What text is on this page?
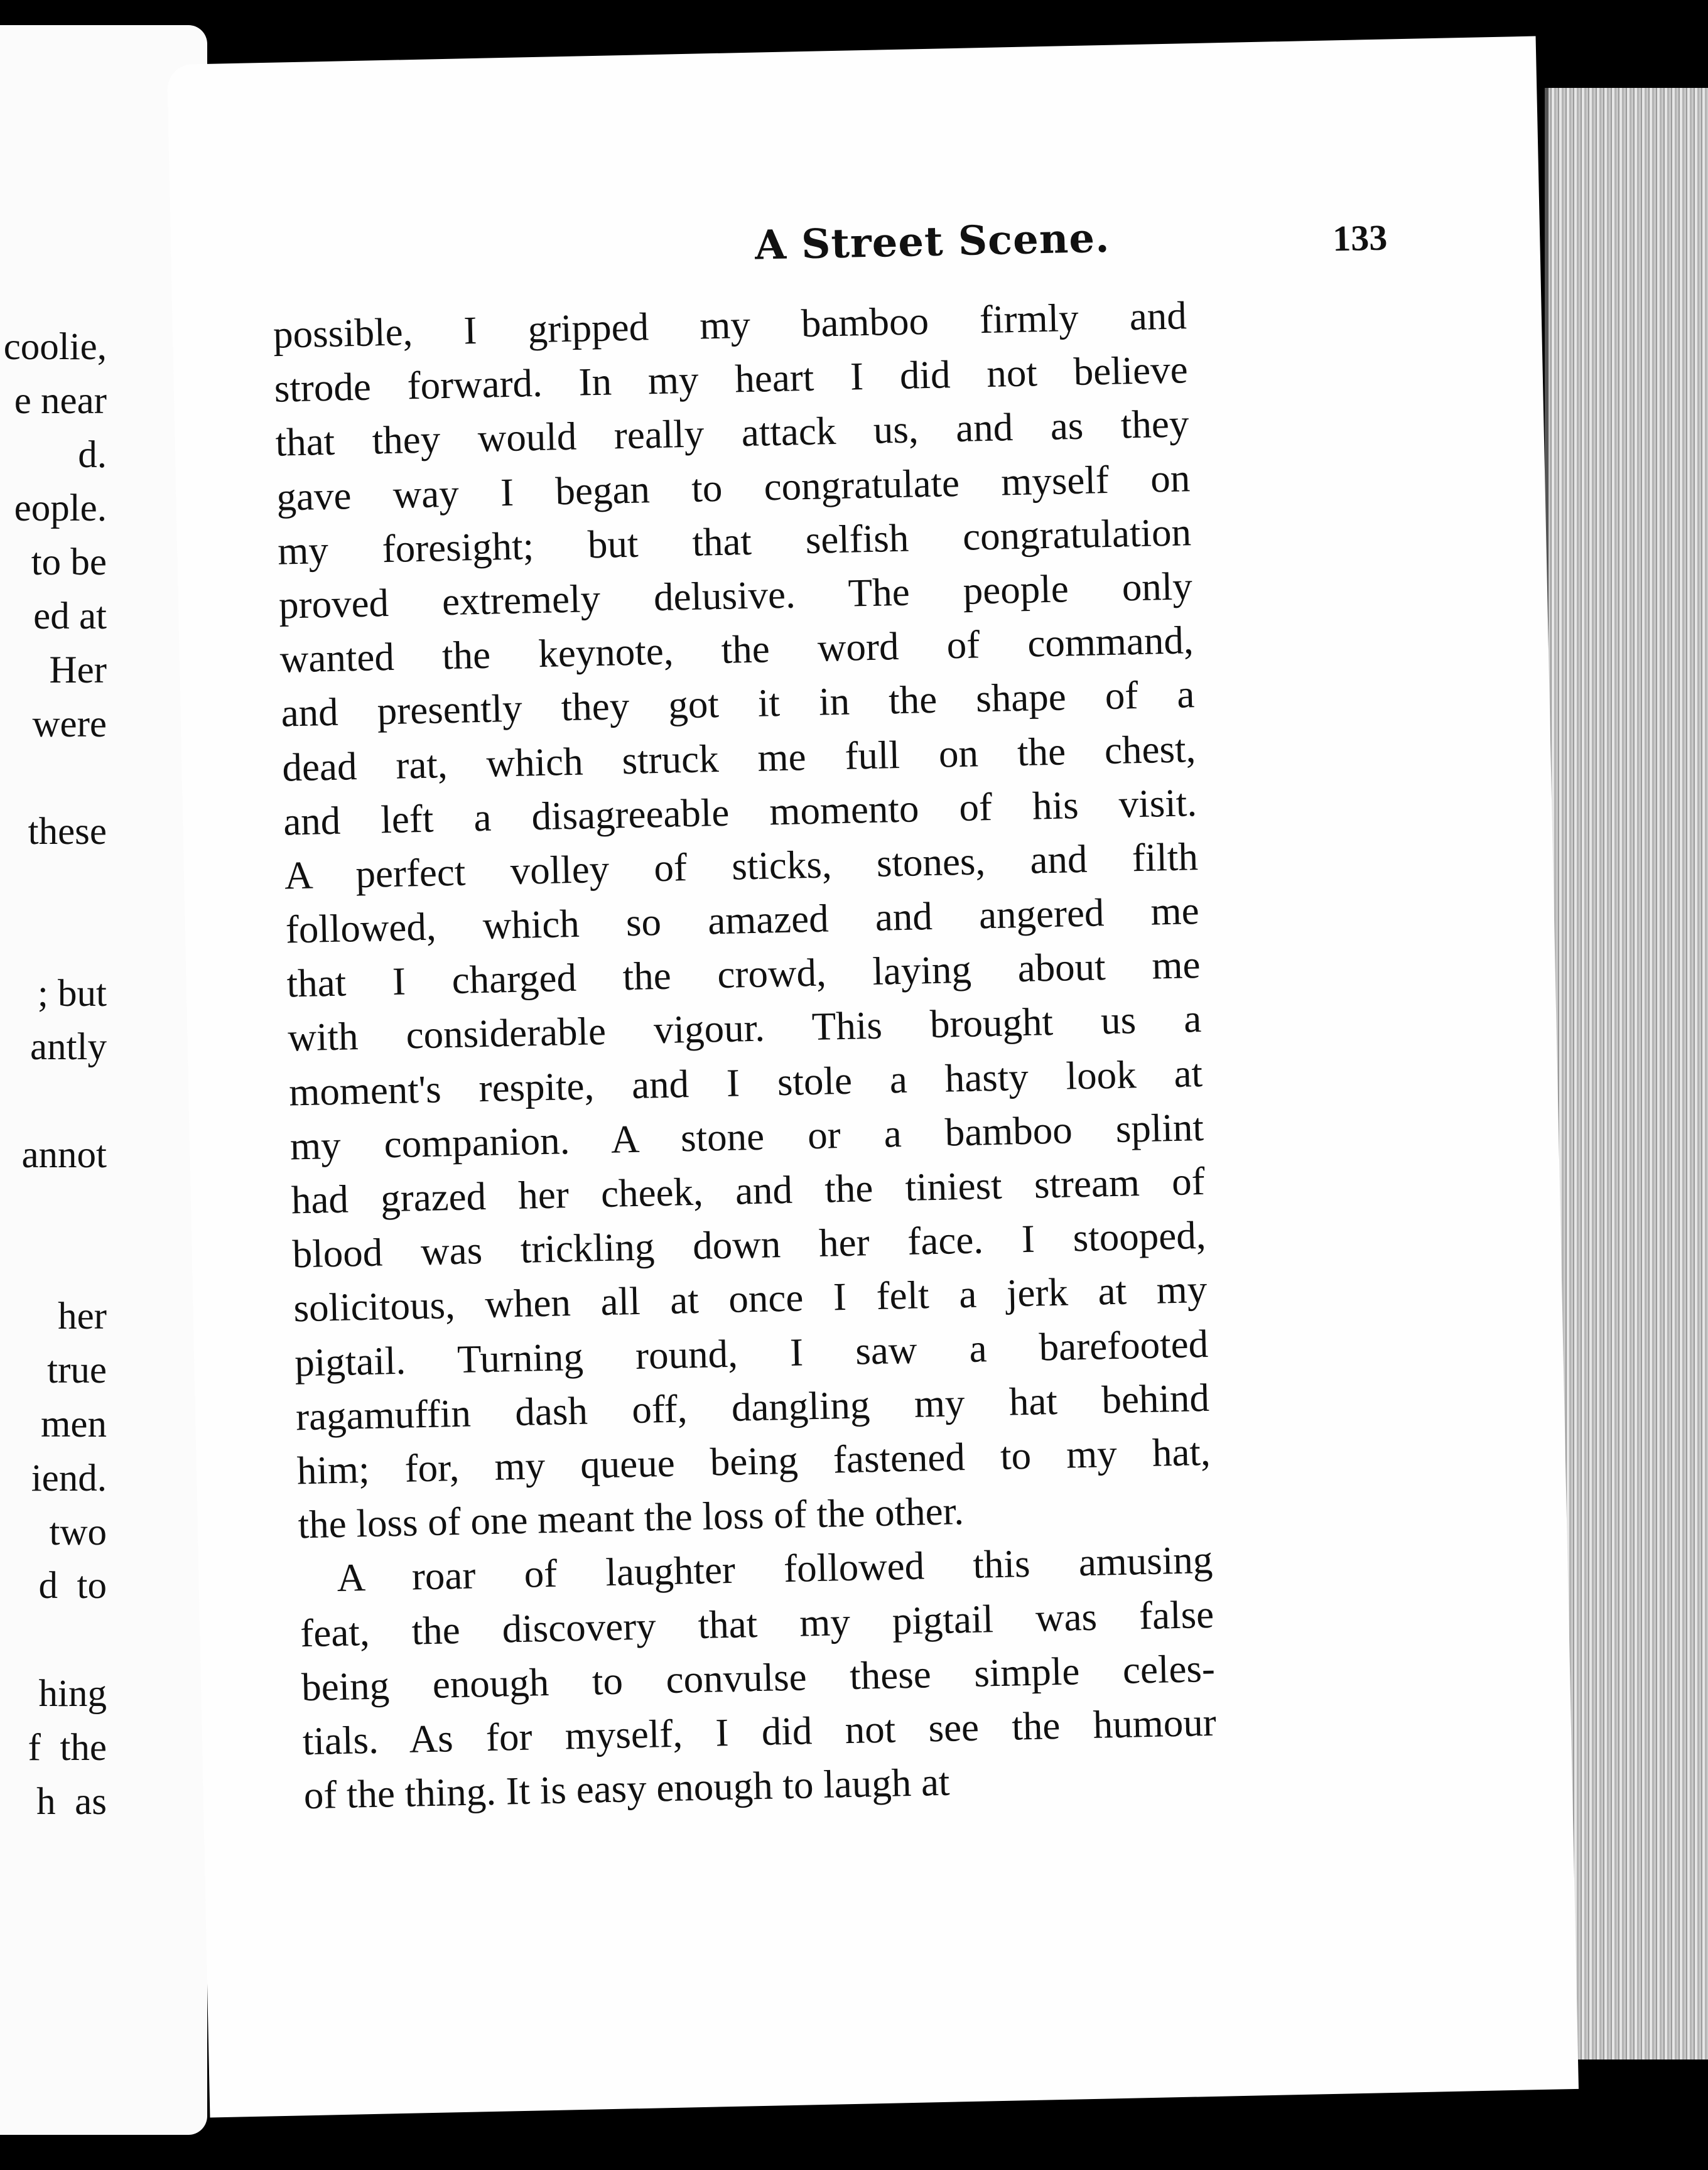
coolie,
e near
d.
eople.
to be
ed at
Her
were
these
; but
antly
annot
her
true
men
iend.
two
d  to
hing
f  the
h  as
A Street Scene.	133
possible, I gripped my bamboo firmly and
strode forward. In my heart I did not believe
that they would really attack us, and as they
gave way I began to congratulate myself on
my foresight; but that selfish congratulation
proved extremely delusive. The people only
wanted the keynote, the word of command,
and presently they got it in the shape of a
dead rat, which struck me full on the chest,
and left a disagreeable momento of his visit.
A perfect volley of sticks, stones, and filth
followed, which so amazed and angered me
that I charged the crowd, laying about me
with considerable vigour. This brought us a
moment's respite, and I stole a hasty look at
my companion. A stone or a bamboo splint
had grazed her cheek, and the tiniest stream of
blood was trickling down her face. I stooped,
solicitous, when all at once I felt a jerk at my
pigtail. Turning round, I saw a barefooted
ragamuffin dash off, dangling my hat behind
him; for, my queue being fastened to my hat,
the loss of one meant the loss of the other.
A roar of laughter followed this amusing
feat, the discovery that my pigtail was false
being enough to convulse these simple celes-
tials. As for myself, I did not see the humour
of the thing. It is easy enough to laugh at
